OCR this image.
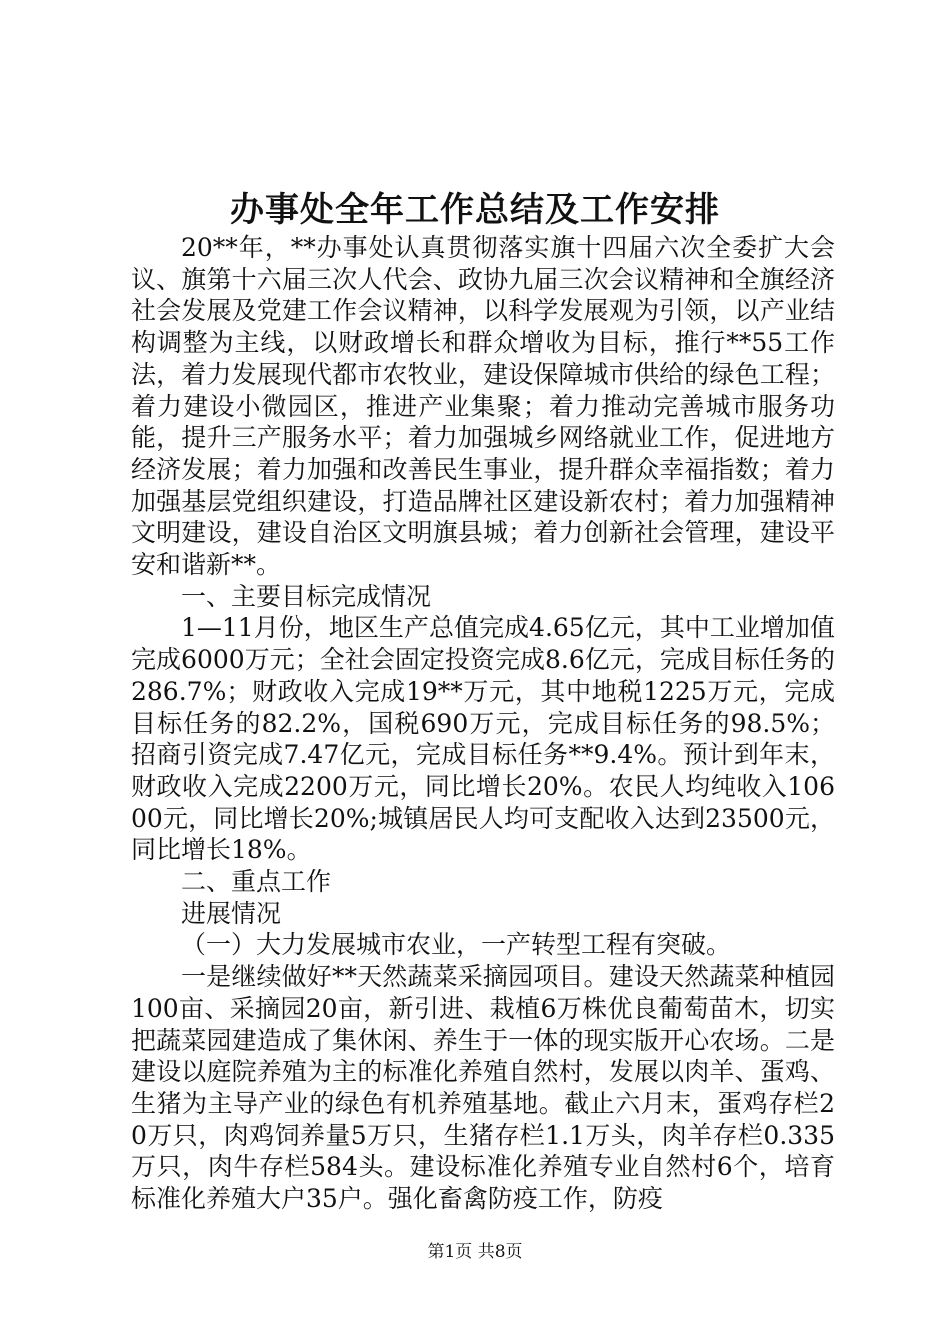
办事处全年工作总结及工作安排

20**年，**办事处认真贯彻落实旗十四届六次全委扩大会议、旗第十六届三次人代会、政协九届三次会议精神和全旗经济社会发展及党建工作会议精神，以科学发展观为引领，以产业结构调整为主线，以财政增长和群众增收为目标，推行**55工作法，着力发展现代都市农牧业，建设保障城市供给的绿色工程；着力建设小微园区，推进产业集聚；着力推动完善城市服务功能，提升三产服务水平；着力加强城乡网络就业工作，促进地方经济发展；着力加强和改善民生事业，提升群众幸福指数；着力加强基层党组织建设，打造品牌社区建设新农村；着力加强精神文明建设，建设自治区文明旗县城；着力创新社会管理，建设平安和谐新**。

一、主要目标完成情况

1—11月份，地区生产总值完成4.65亿元，其中工业增加值完成6000万元；全社会固定投资完成8.6亿元，完成目标任务的286.7%；财政收入完成19**万元，其中地税1225万元，完成目标任务的82.2%，国税690万元，完成目标任务的98.5%；招商引资完成7.47亿元，完成目标任务**9.4%。预计到年末，财政收入完成2200万元，同比增长20%。农民人均纯收入10600元，同比增长20%;城镇居民人均可支配收入达到23500元，同比增长18%。

二、重点工作

进展情况

（一）大力发展城市农业，一产转型工程有突破。

一是继续做好**天然蔬菜采摘园项目。建设天然蔬菜种植园100亩、采摘园20亩，新引进、栽植6万株优良葡萄苗木，切实把蔬菜园建造成了集休闲、养生于一体的现实版开心农场。二是建设以庭院养殖为主的标准化养殖自然村，发展以肉羊、蛋鸡、生猪为主导产业的绿色有机养殖基地。截止六月末，蛋鸡存栏20万只，肉鸡饲养量5万只，生猪存栏1.1万头，肉羊存栏0.335万只，肉牛存栏584头。建设标准化养殖专业自然村6个，培育标准化养殖大户35户。强化畜禽防疫工作，防疫

第1页 共8页
